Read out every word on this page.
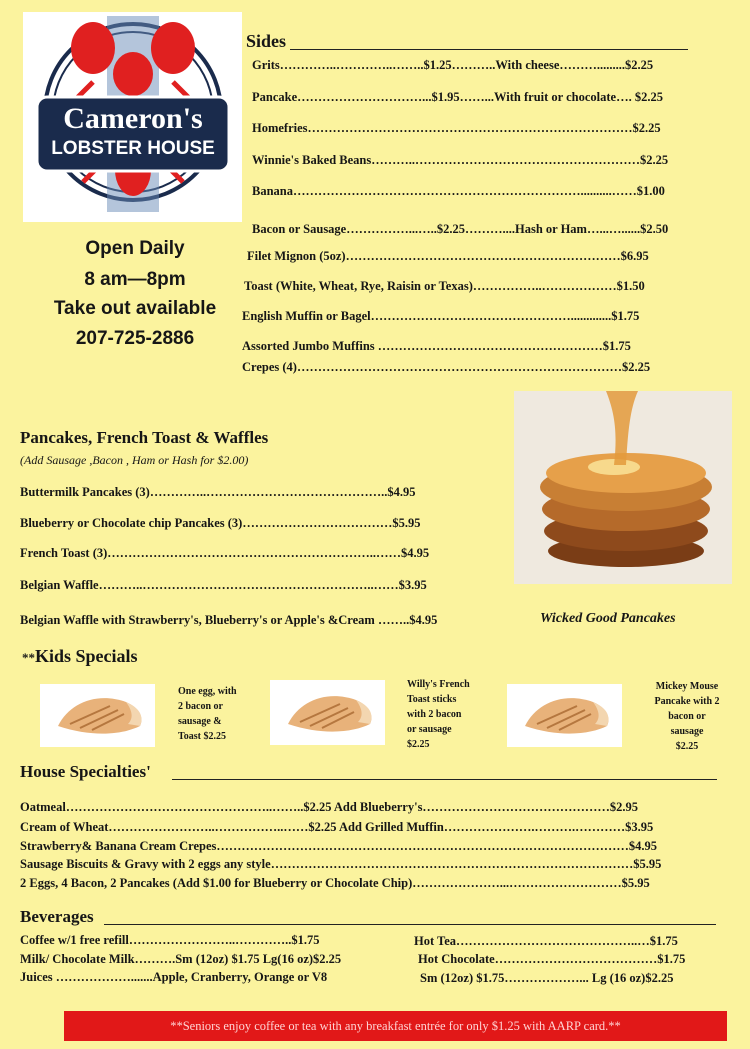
Cameron's
LOBSTER HOUSE
Open Daily
8 am—8pm
Take out available
207-725-2886
Sides
Grits…………..…………..……..$1.25………..With cheese……….........$2.25
Pancake…………………………...$1.95……...With fruit or chocolate…. $2.25
Homefries……………………………………………………………………$2.25
Winnie's Baked Beans………..………………………………………………$2.25
Banana……………………………………………………………..........……$1.00
Bacon or Sausage……………...…..$2.25………....Hash or Ham…...…......$2.50
Filet Mignon (5oz)…………………………………………………………$6.95
Toast (White, Wheat, Rye, Raisin or Texas)……………..………………$1.50
English Muffin or Bagel………………………………………….............$1.75
Assorted Jumbo Muffins ………………………………………………$1.75
Crepes (4)……………………………………………………………………$2.25
Wicked Good Pancakes
Pancakes, French Toast & Waffles
(Add Sausage ,Bacon , Ham or Hash for $2.00)
Buttermilk Pancakes (3)…………..……………………………………..$4.95
Blueberry or Chocolate chip Pancakes (3)………………………………$5.95
French Toast (3)………………………………………………………..……$4.95
Belgian Waffle………..………………………………………………..……$3.95
Belgian Waffle with Strawberry's, Blueberry's or Apple's &Cream ……..$4.95
**Kids Specials
One egg, with
2 bacon or
sausage &
Toast $2.25
Willy's French
Toast sticks
with 2 bacon
or sausage
$2.25
Mickey Mouse
Pancake with 2
bacon or
sausage
$2.25
House Specialties'
Oatmeal…………………………………………..……..$2.25 Add Blueberry's………………………………………$2.95
Cream of Wheat……………………..……………..……$2.25 Add Grilled Muffin………………….……….…………$3.95
Strawberry& Banana Cream Crepes………………………………………………………………………………………$4.95
Sausage Biscuits & Gravy with 2 eggs any style……………………………………………………………………………$5.95
2 Eggs, 4 Bacon, 2 Pancakes (Add $1.00 for Blueberry or Chocolate Chip)…………………...………………………$5.95
Beverages
Coffee w/1 free refill……………………..…………..$1.75
Milk/ Chocolate Milk……….Sm (12oz) $1.75 Lg(16 oz)$2.25
Juices ……………….......Apple, Cranberry, Orange or V8
Hot Tea……………………………………..…$1.75
Hot Chocolate…………………………………$1.75
Sm (12oz) $1.75………………... Lg (16 oz)$2.25
**Seniors enjoy coffee or tea with any breakfast entrée for only $1.25 with AARP card.**
